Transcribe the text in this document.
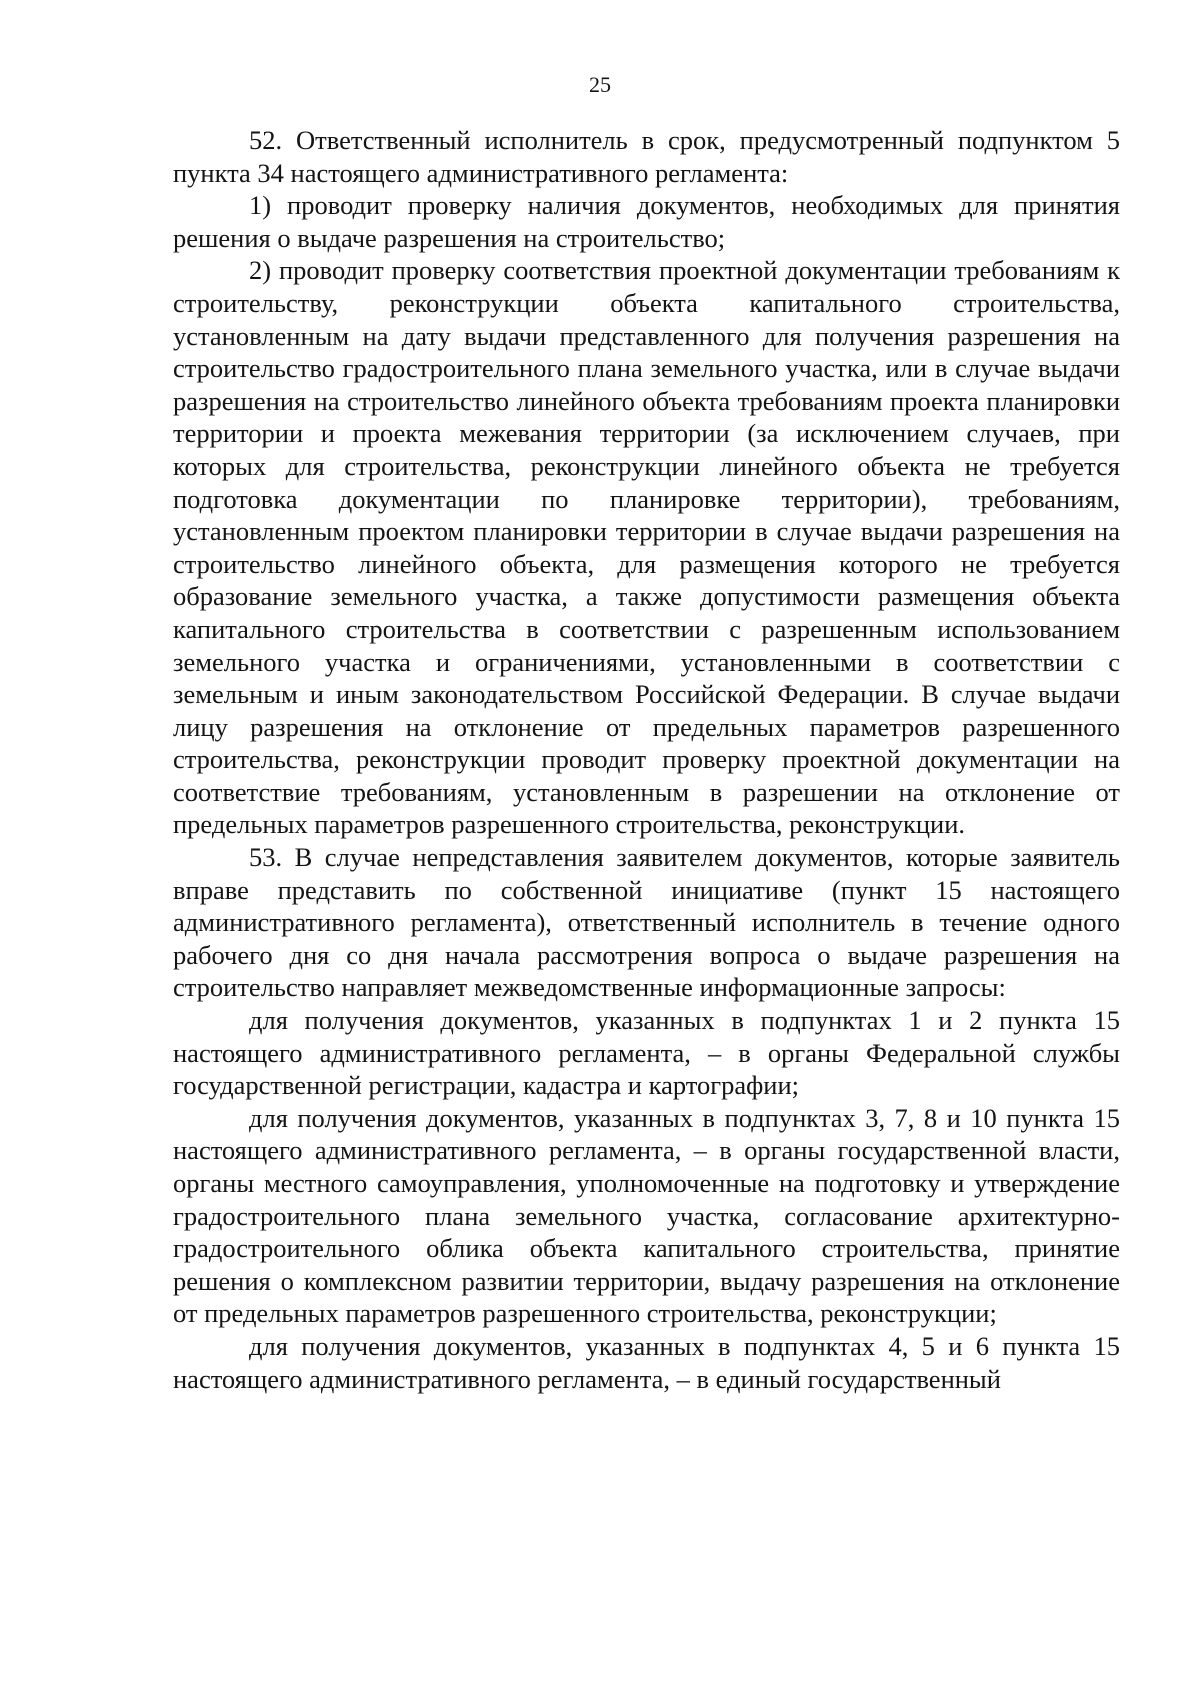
25

52. Ответственный исполнитель в срок, предусмотренный подпунктом 5 пункта 34 настоящего административного регламента:

1) проводит проверку наличия документов, необходимых для принятия решения о выдаче разрешения на строительство;

2) проводит проверку соответствия проектной документации требованиям к строительству, реконструкции объекта капитального строительства, установленным на дату выдачи представленного для получения разрешения на строительство градостроительного плана земельного участка, или в случае выдачи разрешения на строительство линейного объекта требованиям проекта планировки территории и проекта межевания территории (за исключением случаев, при которых для строительства, реконструкции линейного объекта не требуется подготовка документации по планировке территории), требованиям, установленным проектом планировки территории в случае выдачи разрешения на строительство линейного объекта, для размещения которого не требуется образование земельного участка, а также допустимости размещения объекта капитального строительства в соответствии с разрешенным использованием земельного участка и ограничениями, установленными в соответствии с земельным и иным законодательством Российской Федерации. В случае выдачи лицу разрешения на отклонение от предельных параметров разрешенного строительства, реконструкции проводит проверку проектной документации на соответствие требованиям, установленным в разрешении на отклонение от предельных параметров разрешенного строительства, реконструкции.

53. В случае непредставления заявителем документов, которые заявитель вправе представить по собственной инициативе (пункт 15 настоящего административного регламента), ответственный исполнитель в течение одного рабочего дня со дня начала рассмотрения вопроса о выдаче разрешения на строительство направляет межведомственные информационные запросы:

для получения документов, указанных в подпунктах 1 и 2 пункта 15 настоящего административного регламента, – в органы Федеральной службы государственной регистрации, кадастра и картографии;

для получения документов, указанных в подпунктах 3, 7, 8 и 10 пункта 15 настоящего административного регламента, – в органы государственной власти, органы местного самоуправления, уполномоченные на подготовку и утверждение градостроительного плана земельного участка, согласование архитектурно-градостроительного облика объекта капитального строительства, принятие решения о комплексном развитии территории, выдачу разрешения на отклонение от предельных параметров разрешенного строительства, реконструкции;

для получения документов, указанных в подпунктах 4, 5 и 6 пункта 15 настоящего административного регламента, – в единый государственный
